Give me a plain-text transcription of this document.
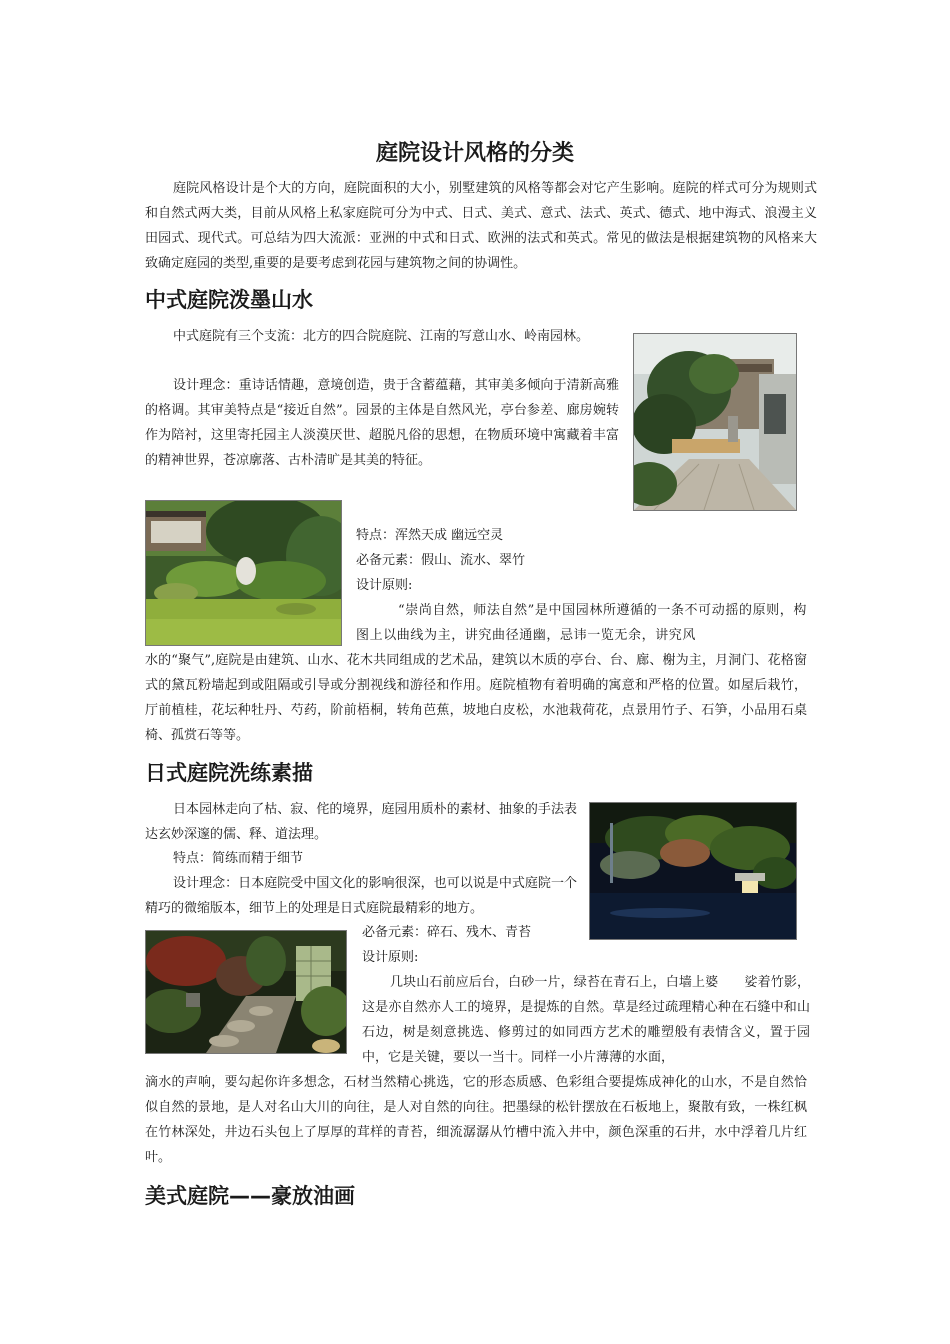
庭院设计风格的分类

庭院风格设计是个大的方向，庭院面积的大小，别墅建筑的风格等都会对它产生影响。庭院的样式可分为规则式和自然式两大类，目前从风格上私家庭院可分为中式、日式、美式、意式、法式、英式、德式、地中海式、浪漫主义田园式、现代式。可总结为四大流派：亚洲的中式和日式、欧洲的法式和英式。常见的做法是根据建筑物的风格来大致确定庭园的类型,重要的是要考虑到花园与建筑物之间的协调性。

中式庭院泼墨山水

中式庭院有三个支流：北方的四合院庭院、江南的写意山水、岭南园林。

设计理念：重诗话情趣，意境创造，贵于含蓄蕴藉，其审美多倾向于清新高雅的格调。其审美特点是“接近自然”。园景的主体是自然风光，亭台参差、廊房婉转作为陪衬，这里寄托园主人淡漠厌世、超脱凡俗的思想，在物质环境中寓藏着丰富的精神世界，苍凉廓落、古朴清旷是其美的特征。

特点：浑然天成 幽远空灵

必备元素：假山、流水、翠竹

设计原则:

“崇尚自然，师法自然”是中国园林所遵循的一条不可动摇的原则，构图上以曲线为主，讲究曲径通幽，忌讳一览无余，讲究风

水的“聚气”,庭院是由建筑、山水、花木共同组成的艺术品，建筑以木质的亭台、台、廊、榭为主，月洞门、花格窗式的黛瓦粉墙起到或阻隔或引导或分割视线和游径和作用。庭院植物有着明确的寓意和严格的位置。如屋后栽竹，厅前植桂，花坛种牡丹、芍药，阶前梧桐，转角芭蕉，坡地白皮松，水池栽荷花，点景用竹子、石笋，小品用石桌椅、孤赏石等等。

日式庭院洗练素描

日本园林走向了枯、寂、侘的境界，庭园用质朴的素材、抽象的手法表达玄妙深邃的儒、释、道法理。

特点：简练而精于细节

设计理念：日本庭院受中国文化的影响很深，也可以说是中式庭院一个精巧的微缩版本，细节上的处理是日式庭院最精彩的地方。

必备元素：碎石、残木、青苔

设计原则:

几块山石前应后台，白砂一片，绿苔在青石上，白墙上婆　　娑着竹影，这是亦自然亦人工的境界，是提炼的自然。草是经过疏理精心种在石缝中和山石边，树是刻意挑选、修剪过的如同西方艺术的雕塑般有表情含义，置于园中，它是关键，要以一当十。同样一小片薄薄的水面，

滴水的声响，要勾起你许多想念，石材当然精心挑选，它的形态质感、色彩组合要提炼成神化的山水，不是自然恰似自然的景地，是人对名山大川的向往，是人对自然的向往。把墨绿的松针摆放在石板地上，聚散有致，一株红枫在竹林深处，井边石头包上了厚厚的茸样的青苔，细流潺潺从竹槽中流入井中，颜色深重的石井，水中浮着几片红叶。

美式庭院——豪放油画
